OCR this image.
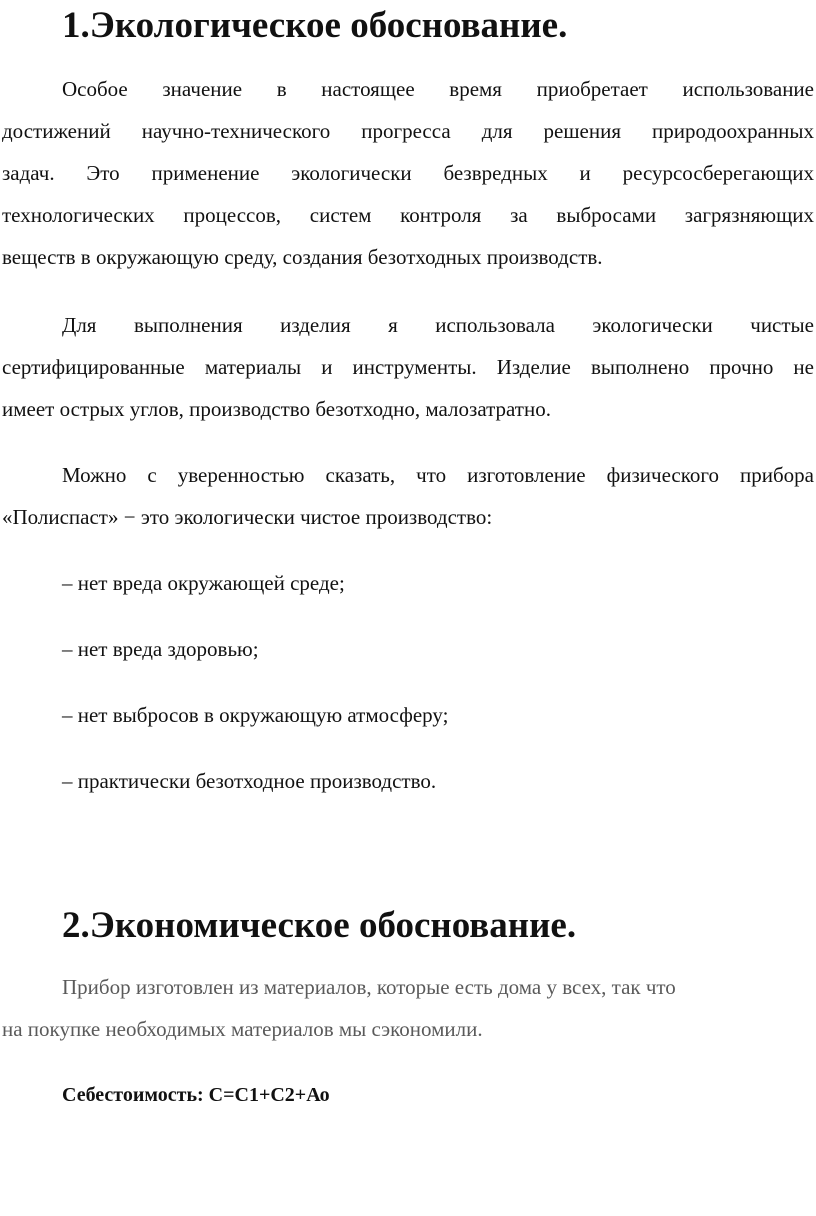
1.Экологическое обоснование.
Особое значение в настоящее время приобретает использование
достижений научно-технического прогресса для решения природоохранных
задач. Это применение экологически безвредных и ресурсосберегающих
технологических процессов, систем контроля за выбросами загрязняющих
веществ в окружающую среду, создания безотходных производств.
Для выполнения изделия я использовала экологически чистые
сертифицированные материалы и инструменты. Изделие выполнено прочно не
имеет острых углов, производство безотходно, малозатратно.
Можно с уверенностью сказать, что изготовление физического прибора
«Полиспаст» − это экологически чистое производство:

– нет вреда окружающей среде;

– нет вреда здоровью;

– нет выбросов в окружающую атмосферу;

– практически безотходное производство.

2.Экономическое обоснование.
Прибор изготовлен из материалов, которые есть дома у всех, так что
на покупке необходимых материалов мы сэкономили.

Себестоимость: С=С1+С2+Ао
